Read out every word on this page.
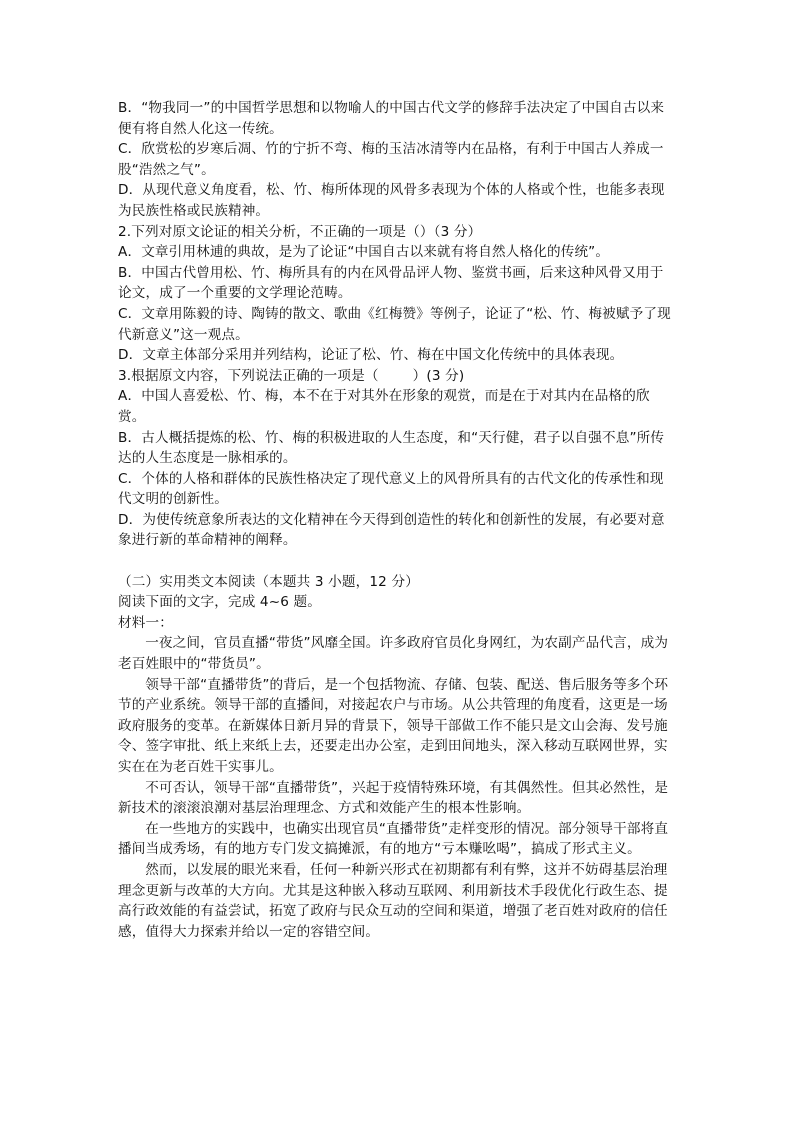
B．“物我同一”的中国哲学思想和以物喻人的中国古代文学的修辞手法决定了中国自古以来便有将自然人化这一传统。

C．欣赏松的岁寒后凋、竹的宁折不弯、梅的玉洁冰清等内在品格，有利于中国古人养成一股“浩然之气”。

D．从现代意义角度看，松、竹、梅所体现的风骨多表现为个体的人格或个性，也能多表现为民族性格或民族精神。

2.下列对原文论证的相关分析，不正确的一项是（）（3 分）

A．文章引用林逋的典故，是为了论证“中国自古以来就有将自然人格化的传统”。

B．中国古代曾用松、竹、梅所具有的内在风骨品评人物、鉴赏书画，后来这种风骨又用于论文，成了一个重要的文学理论范畴。

C．文章用陈毅的诗、陶铸的散文、歌曲《红梅赞》等例子，论证了“松、竹、梅被赋予了现代新意义”这一观点。

D．文章主体部分采用并列结构，论证了松、竹、梅在中国文化传统中的具体表现。

3.根据原文内容，下列说法正确的一项是（	）(3 分)

A．中国人喜爱松、竹、梅，本不在于对其外在形象的观赏，而是在于对其内在品格的欣赏。

B．古人概括提炼的松、竹、梅的积极进取的人生态度，和“天行健，君子以自强不息”所传达的人生态度是一脉相承的。

C．个体的人格和群体的民族性格决定了现代意义上的风骨所具有的古代文化的传承性和现代文明的创新性。

D．为使传统意象所表达的文化精神在今天得到创造性的转化和创新性的发展，有必要对意象进行新的革命精神的阐释。

（二）实用类文本阅读（本题共 3 小题，12 分）

阅读下面的文字，完成 4~6 题。

材料一：

一夜之间，官员直播“带货”风靡全国。许多政府官员化身网红，为农副产品代言，成为老百姓眼中的“带货员”。

领导干部“直播带货”的背后，是一个包括物流、存储、包装、配送、售后服务等多个环节的产业系统。领导干部的直播间，对接起农户与市场。从公共管理的角度看，这更是一场政府服务的变革。在新媒体日新月异的背景下，领导干部做工作不能只是文山会海、发号施令、签字审批、纸上来纸上去，还要走出办公室，走到田间地头，深入移动互联网世界，实实在在为老百姓干实事儿。

不可否认，领导干部“直播带货”，兴起于疫情特殊环境，有其偶然性。但其必然性，是新技术的滚滚浪潮对基层治理理念、方式和效能产生的根本性影响。

在一些地方的实践中，也确实出现官员“直播带货”走样变形的情况。部分领导干部将直播间当成秀场，有的地方专门发文搞摊派，有的地方“亏本赚吆喝”，搞成了形式主义。

然而，以发展的眼光来看，任何一种新兴形式在初期都有利有弊，这并不妨碍基层治理理念更新与改革的大方向。尤其是这种嵌入移动互联网、利用新技术手段优化行政生态、提高行政效能的有益尝试，拓宽了政府与民众互动的空间和渠道，增强了老百姓对政府的信任感，值得大力探索并给以一定的容错空间。
